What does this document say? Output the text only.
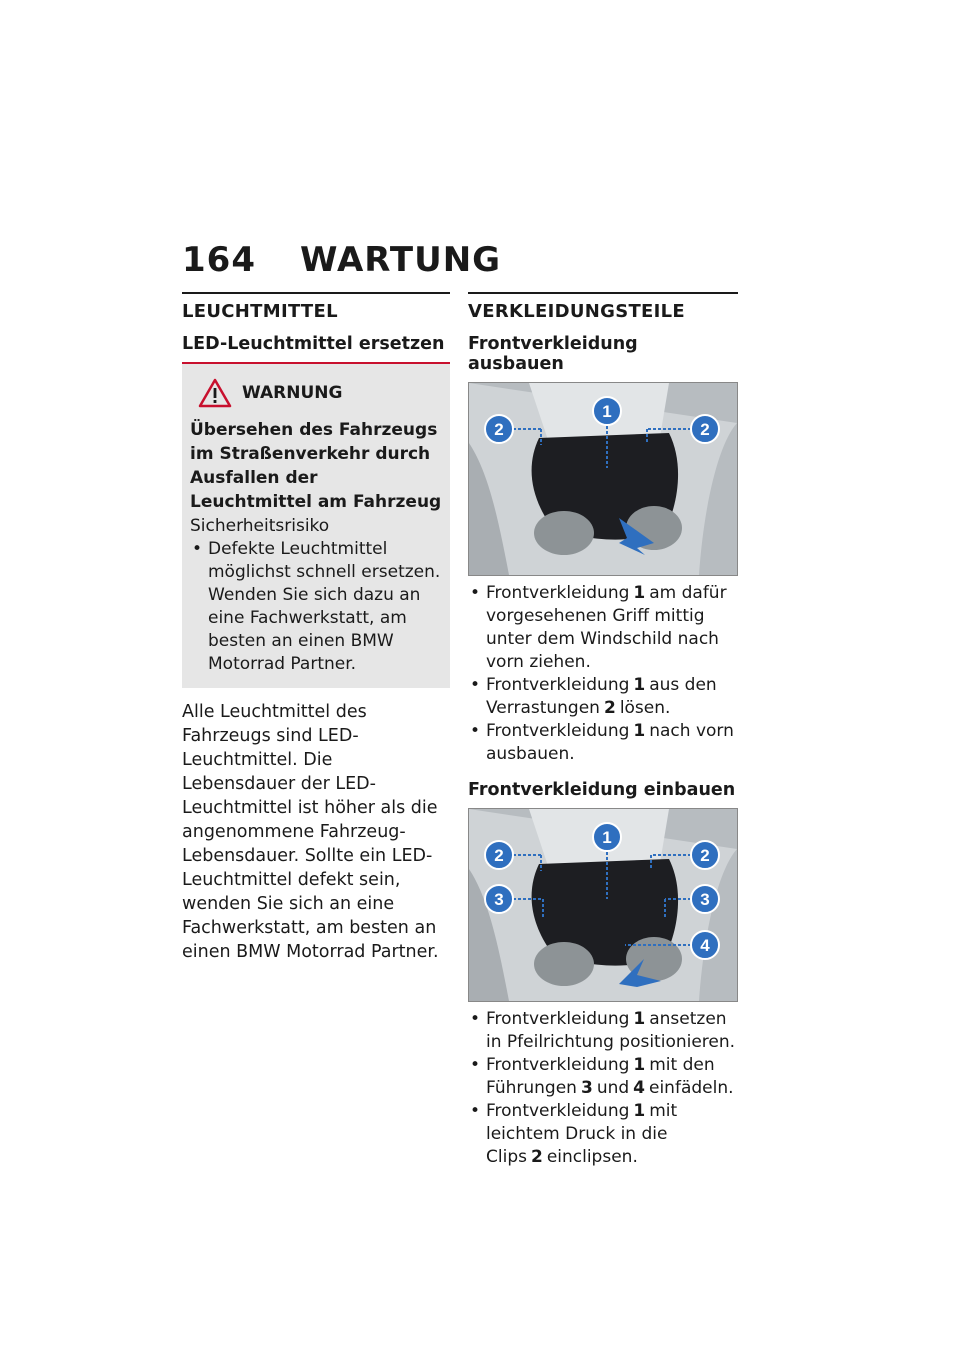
164 WARTUNG
LEUCHTMITTEL
LED-Leuchtmittel ersetzen
WARNUNG
Übersehen des Fahrzeugs im Straßenverkehr durch Ausfallen der Leuchtmittel am Fahrzeug
Sicherheitsrisiko
• Defekte Leuchtmittel möglichst schnell ersetzen. Wenden Sie sich dazu an eine Fachwerkstatt, am besten an einen BMW Motorrad Partner.
Alle Leuchtmittel des Fahrzeugs sind LED-Leuchtmittel. Die Lebensdauer der LED-Leuchtmittel ist höher als die angenommene Fahrzeug-Lebensdauer. Sollte ein LED-Leuchtmittel defekt sein, wenden Sie sich an eine Fachwerkstatt, am besten an einen BMW Motorrad Partner.
VERKLEIDUNGSTEILE
Frontverkleidung ausbauen
1
2	2
• Frontverkleidung 1 am dafür vorgesehenen Griff mittig unter dem Windschild nach vorn ziehen.
• Frontverkleidung 1 aus den Verrastungen 2 lösen.
• Frontverkleidung 1 nach vorn ausbauen.
Frontverkleidung einbauen
1
2	2
3	3
4
• Frontverkleidung 1 ansetzen in Pfeilrichtung positionieren.
• Frontverkleidung 1 mit den Führungen 3 und 4 einfädeln.
• Frontverkleidung 1 mit leichtem Druck in die Clips 2 einclipsen.
